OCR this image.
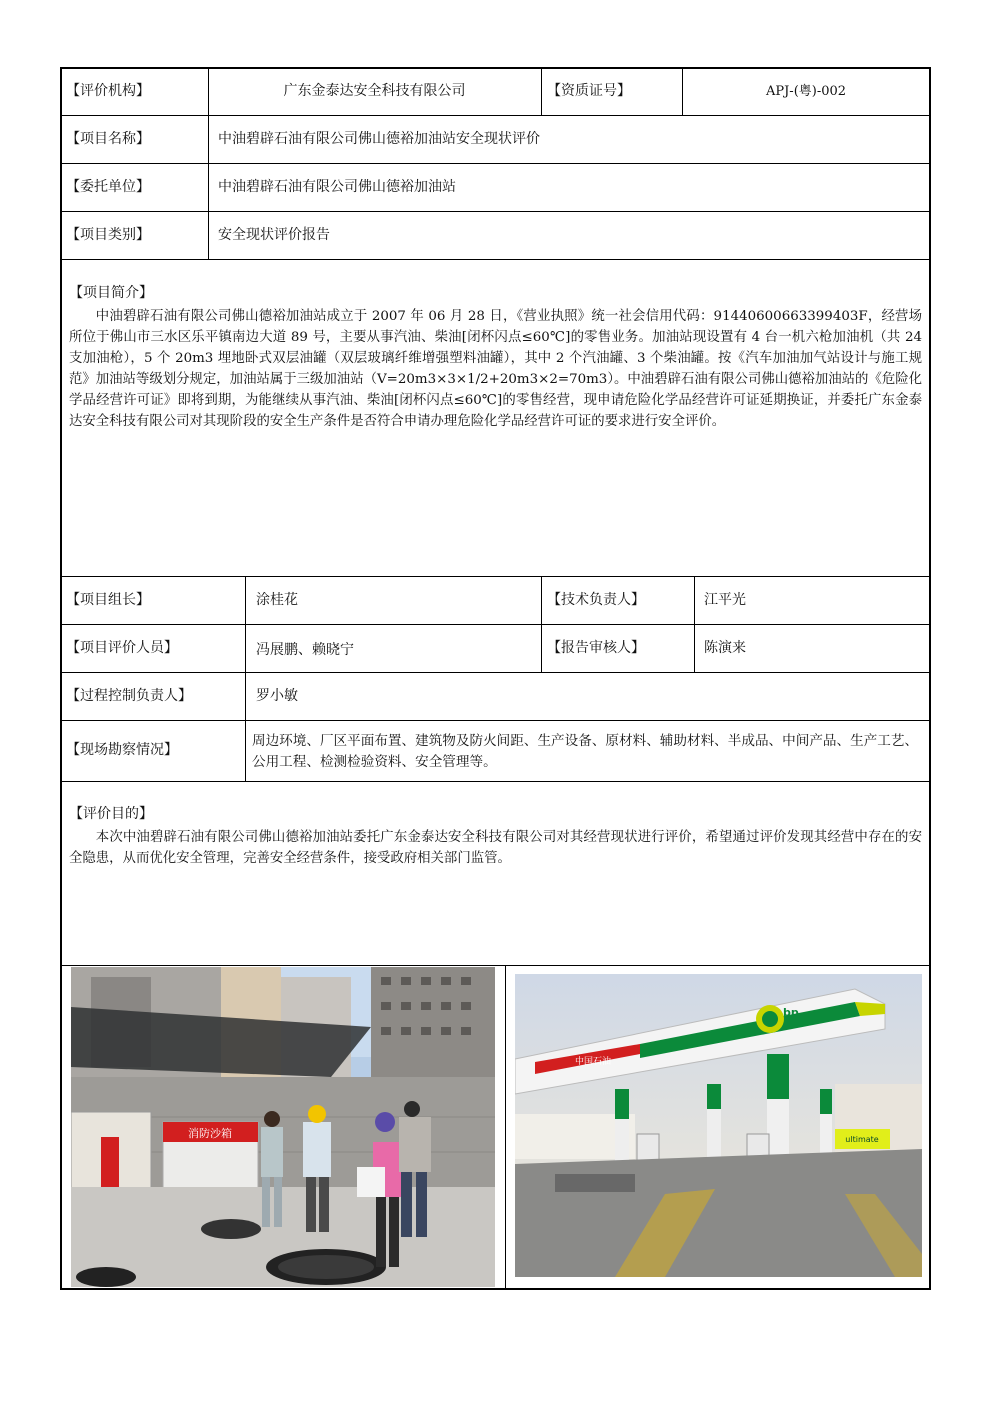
【评价机构】	广东金泰达安全科技有限公司	【资质证号】	APJ-(粤)-002
【项目名称】	中油碧辟石油有限公司佛山德裕加油站安全现状评价
【委托单位】	中油碧辟石油有限公司佛山德裕加油站
【项目类别】	安全现状评价报告
【项目简介】
中油碧辟石油有限公司佛山德裕加油站成立于 2007 年 06 月 28 日，《营业执照》统一社会信用代码：91440600663399403F，经营场所位于佛山市三水区乐平镇南边大道 89 号，主要从事汽油、柴油[闭杯闪点≤60℃]的零售业务。加油站现设置有 4 台一机六枪加油机（共 24 支加油枪），5 个 20m3 埋地卧式双层油罐（双层玻璃纤维增强塑料油罐），其中 2 个汽油罐、3 个柴油罐。按《汽车加油加气站设计与施工规范》加油站等级划分规定，加油站属于三级加油站（V=20m3×3×1/2+20m3×2=70m3）。中油碧辟石油有限公司佛山德裕加油站的《危险化学品经营许可证》即将到期，为能继续从事汽油、柴油[闭杯闪点≤60℃]的零售经营，现申请危险化学品经营许可证延期换证，并委托广东金泰达安全科技有限公司对其现阶段的安全生产条件是否符合申请办理危险化学品经营许可证的要求进行安全评价。
【项目组长】	涂桂花	【技术负责人】	江平光
【项目评价人员】	冯展鹏、赖晓宁	【报告审核人】	陈演来
【过程控制负责人】	罗小敏
【现场勘察情况】
周边环境、厂区平面布置、建筑物及防火间距、生产设备、原材料、辅助材料、半成品、中间产品、生产工艺、公用工程、检测检验资料、安全管理等。
【评价目的】
本次中油碧辟石油有限公司佛山德裕加油站委托广东金泰达安全科技有限公司对其经营现状进行评价，希望通过评价发现其经营中存在的安全隐患，从而优化安全管理，完善安全经营条件，接受政府相关部门监管。
消防沙箱
中国石油
bp
ultimate
